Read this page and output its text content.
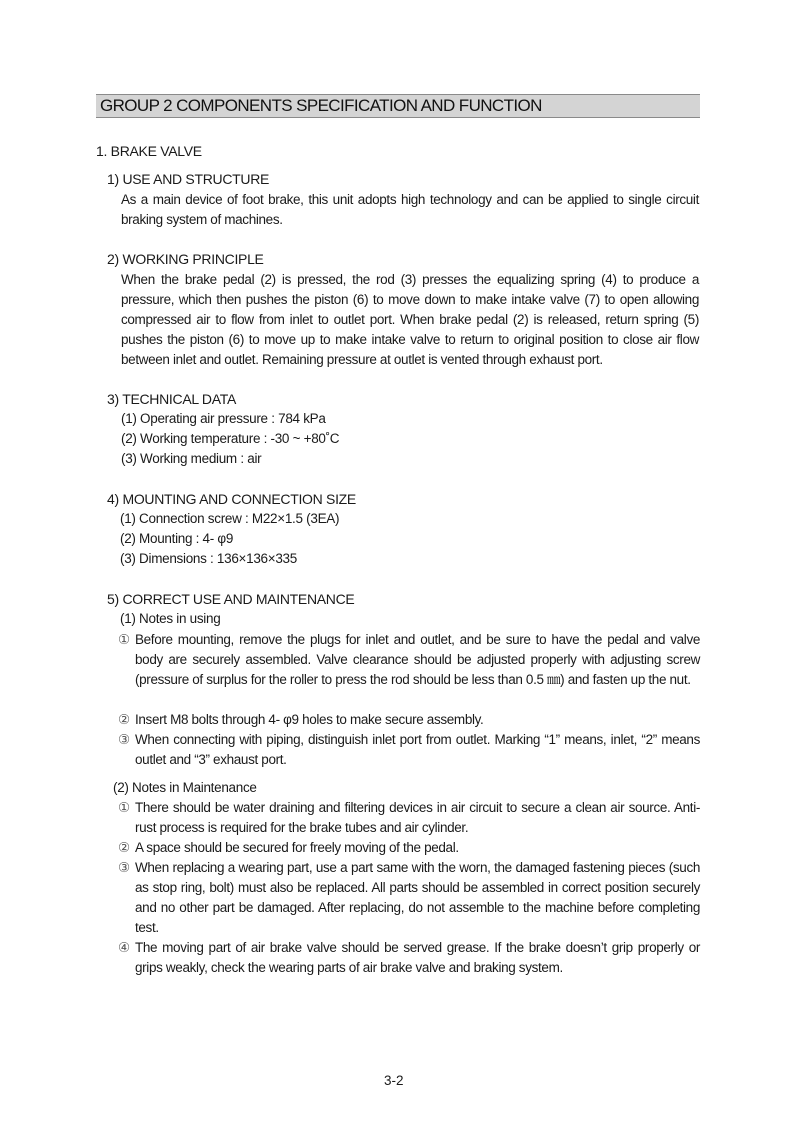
GROUP 2 COMPONENTS SPECIFICATION AND FUNCTION
1. BRAKE VALVE
1) USE AND STRUCTURE

As a main device of foot brake, this unit adopts high technology and can be applied to single circuit braking system of machines.

2) WORKING PRINCIPLE

When the brake pedal (2) is pressed, the rod (3) presses the equalizing spring (4) to produce a pressure, which then pushes the piston (6) to move down to make intake valve (7) to open allowing compressed air to flow from inlet to outlet port. When brake pedal (2) is released, return spring (5) pushes the piston (6) to move up to make intake valve to return to original position to close air flow between inlet and outlet. Remaining pressure at outlet is vented through exhaust port.

3) TECHNICAL DATA
(1) Operating air pressure : 784 kPa
(2) Working temperature : -30 ~ +80˚C
(3) Working medium : air
4) MOUNTING AND CONNECTION SIZE
(1) Connection screw : M22×1.5 (3EA)
(2) Mounting : 4- φ9
(3) Dimensions : 136×136×335
5) CORRECT USE AND MAINTENANCE
(1) Notes in using
① Before mounting, remove the plugs for inlet and outlet, and be sure to have the pedal and valve body are securely assembled. Valve clearance should be adjusted properly with adjusting screw (pressure of surplus for the roller to press the rod should be less than 0.5 ㎜) and fasten up the nut.
② Insert M8 bolts through 4- φ9 holes to make secure assembly.
③ When connecting with piping, distinguish inlet port from outlet. Marking “1” means, inlet, “2” means outlet and “3” exhaust port.
(2) Notes in Maintenance
① There should be water draining and filtering devices in air circuit to secure a clean air source. Anti-rust process is required for the brake tubes and air cylinder.
② A space should be secured for freely moving of the pedal.
③ When replacing a wearing part, use a part same with the worn, the damaged fastening pieces (such as stop ring, bolt) must also be replaced. All parts should be assembled in correct position securely and no other part be damaged. After replacing, do not assemble to the machine before completing test.
④ The moving part of air brake valve should be served grease. If the brake doesn’t grip properly or grips weakly, check the wearing parts of air brake valve and braking system.
3-2
